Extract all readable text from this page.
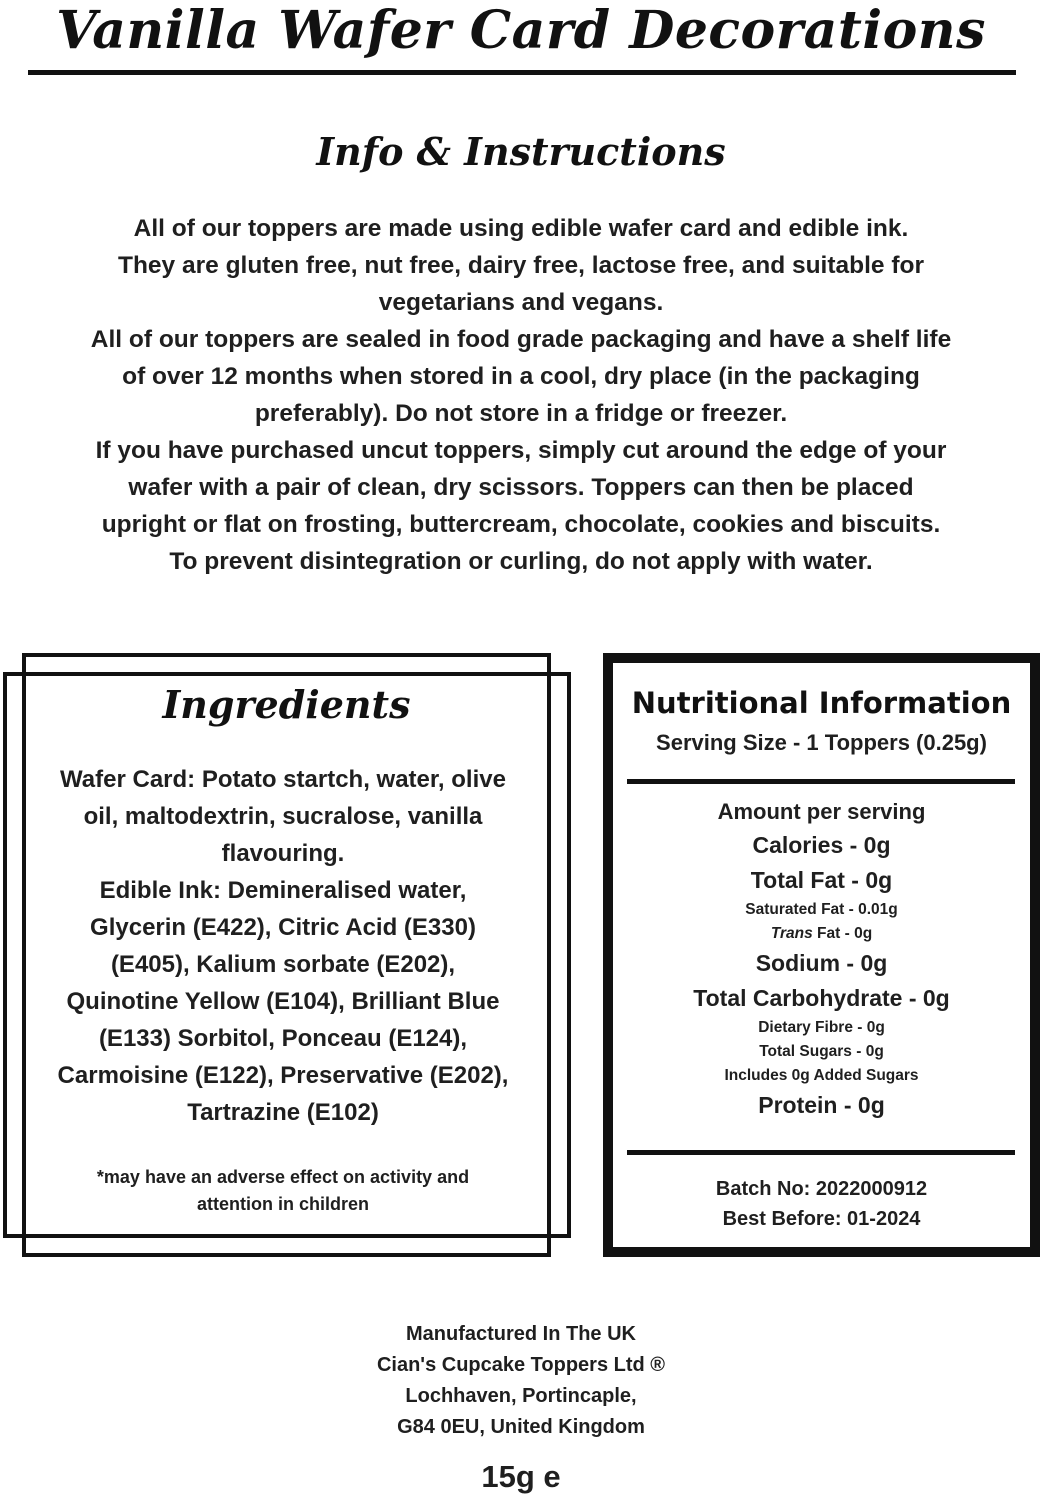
Vanilla Wafer Card Decorations
Info & Instructions

All of our toppers are made using edible wafer card and edible ink.

They are gluten free, nut free, dairy free, lactose free, and suitable for

vegetarians and vegans.

All of our toppers are sealed in food grade packaging and have a shelf life

of over 12 months when stored in a cool, dry place (in the packaging

preferably). Do not store in a fridge or freezer.

If you have purchased uncut toppers, simply cut around the edge of your

wafer with a pair of clean, dry scissors. Toppers can then be placed

upright or flat on frosting, buttercream, chocolate, cookies and biscuits.

To prevent disintegration or curling, do not apply with water.

Ingredients

Wafer Card: Potato startch, water, olive

oil, maltodextrin, sucralose, vanilla

flavouring.

Edible Ink: Demineralised water,

Glycerin (E422), Citric Acid (E330)

(E405), Kalium sorbate (E202),

Quinotine Yellow (E104), Brilliant Blue

(E133) Sorbitol, Ponceau (E124),

Carmoisine (E122), Preservative (E202),

Tartrazine (E102)

*may have an adverse effect on activity and

attention in children

Nutritional Information
Serving Size - 1 Toppers (0.25g)
Amount per serving
Calories - 0g
Total Fat - 0g
Saturated Fat - 0.01g
Trans Fat - 0g
Sodium - 0g
Total Carbohydrate - 0g
Dietary Fibre - 0g
Total Sugars - 0g
Includes 0g Added Sugars
Protein - 0g

Batch No: 2022000912

Best Before: 01-2024

Manufactured In The UK

Cian's Cupcake Toppers Ltd ®

Lochhaven, Portincaple,

G84 0EU, United Kingdom

15g e
